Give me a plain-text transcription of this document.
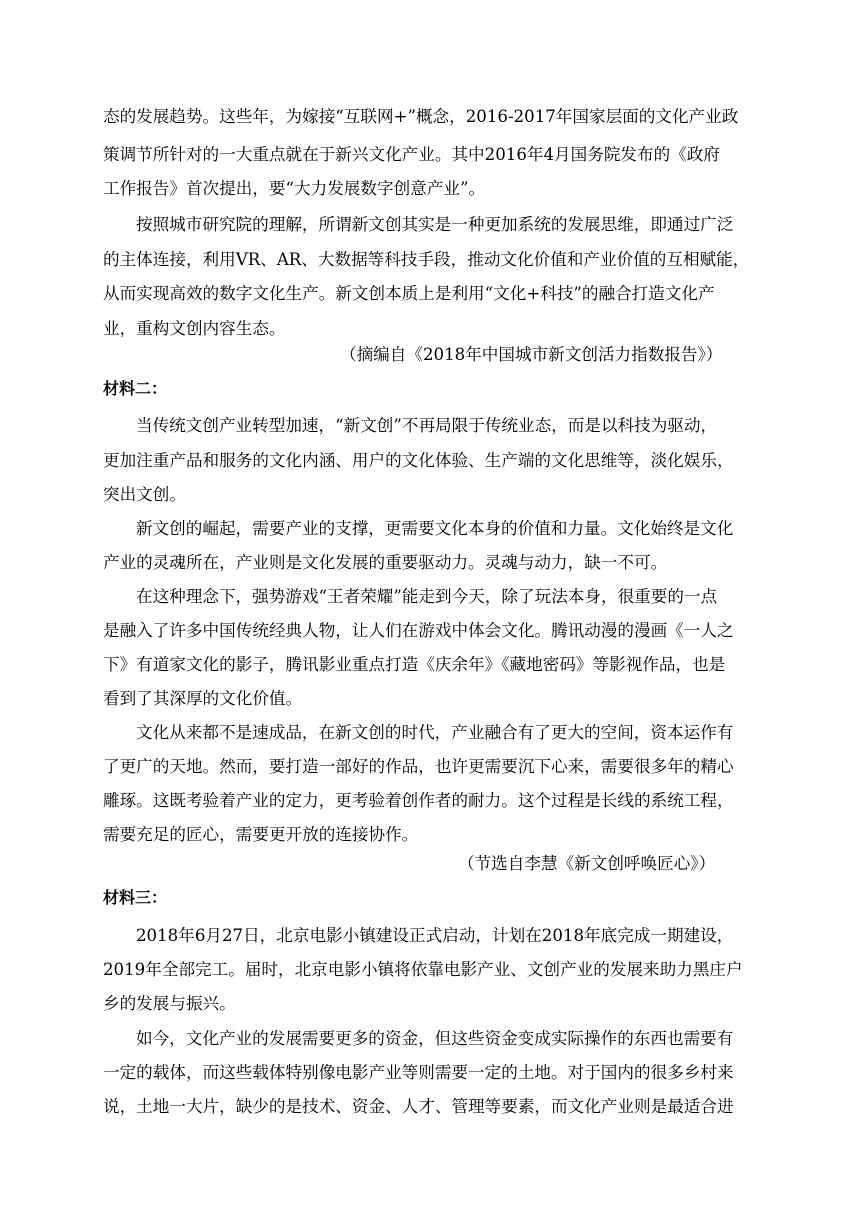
态的发展趋势。这些年，为嫁接“互联网+”概念，2016-2017年国家层面的文化产业政
策调节所针对的一大重点就在于新兴文化产业。其中2016年4月国务院发布的《政府
工作报告》首次提出，要“大力发展数字创意产业”。
按照城市研究院的理解，所谓新文创其实是一种更加系统的发展思维，即通过广泛
的主体连接，利用VR、AR、大数据等科技手段，推动文化价值和产业价值的互相赋能，
从而实现高效的数字文化生产。新文创本质上是利用“文化+科技”的融合打造文化产
业，重构文创内容生态。
（摘编自《2018年中国城市新文创活力指数报告》）
材料二：
当传统文创产业转型加速，“新文创”不再局限于传统业态，而是以科技为驱动，
更加注重产品和服务的文化内涵、用户的文化体验、生产端的文化思维等，淡化娱乐，
突出文创。
新文创的崛起，需要产业的支撑，更需要文化本身的价值和力量。文化始终是文化
产业的灵魂所在，产业则是文化发展的重要驱动力。灵魂与动力，缺一不可。
在这种理念下，强势游戏“王者荣耀”能走到今天，除了玩法本身，很重要的一点
是融入了许多中国传统经典人物，让人们在游戏中体会文化。腾讯动漫的漫画《一人之
下》有道家文化的影子，腾讯影业重点打造《庆余年》《藏地密码》等影视作品，也是
看到了其深厚的文化价值。
文化从来都不是速成品，在新文创的时代，产业融合有了更大的空间，资本运作有
了更广的天地。然而，要打造一部好的作品，也许更需要沉下心来，需要很多年的精心
雕琢。这既考验着产业的定力，更考验着创作者的耐力。这个过程是长线的系统工程，
需要充足的匠心，需要更开放的连接协作。
（节选自李慧《新文创呼唤匠心》）
材料三：
2018年6月27日，北京电影小镇建设正式启动，计划在2018年底完成一期建设，
2019年全部完工。届时，北京电影小镇将依靠电影产业、文创产业的发展来助力黑庄户
乡的发展与振兴。
如今，文化产业的发展需要更多的资金，但这些资金变成实际操作的东西也需要有
一定的载体，而这些载体特别像电影产业等则需要一定的土地。对于国内的很多乡村来
说，土地一大片，缺少的是技术、资金、人才、管理等要素，而文化产业则是最适合进
